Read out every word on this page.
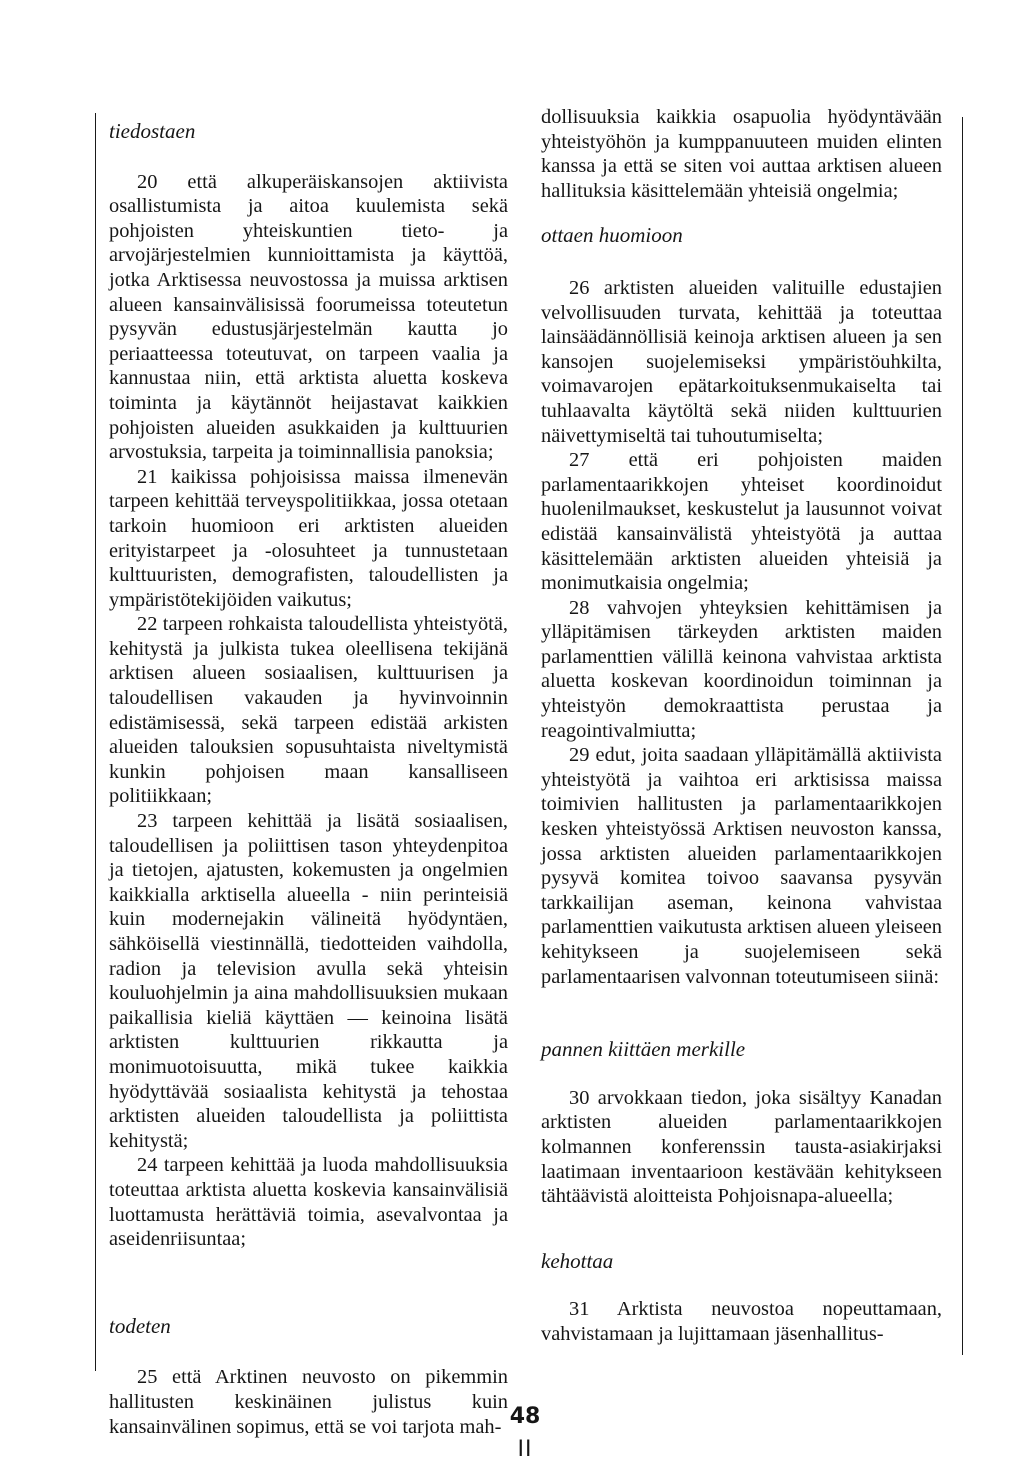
tiedostaen

20 että alkuperäiskansojen aktiivista osallistumista ja aitoa kuulemista sekä pohjoisten yhteiskuntien tieto- ja arvojärjestelmien kunnioittamista ja käyttöä, jotka Arktisessa neuvostossa ja muissa arktisen alueen kansainvälisissä foorumeissa toteutetun pysyvän edustusjärjestelmän kautta jo periaatteessa toteutuvat, on tarpeen vaalia ja kannustaa niin, että arktista aluetta koskeva toiminta ja käytännöt heijastavat kaikkien pohjoisten alueiden asukkaiden ja kulttuurien arvostuksia, tarpeita ja toiminnallisia panoksia;

21 kaikissa pohjoisissa maissa ilmenevän tarpeen kehittää terveyspolitiikkaa, jossa otetaan tarkoin huomioon eri arktisten alueiden erityistarpeet ja -olosuhteet ja tunnustetaan kulttuuristen, demografisten, taloudellisten ja ympäristötekijöiden vaikutus;

22 tarpeen rohkaista taloudellista yhteistyötä, kehitystä ja julkista tukea oleellisena tekijänä arktisen alueen sosiaalisen, kulttuurisen ja taloudellisen vakauden ja hyvinvoinnin edistämisessä, sekä tarpeen edistää arkisten alueiden talouksien sopusuhtaista niveltymistä kunkin pohjoisen maan kansalliseen politiikkaan;

23 tarpeen kehittää ja lisätä sosiaalisen, taloudellisen ja poliittisen tason yhteydenpitoa ja tietojen, ajatusten, kokemusten ja ongelmien kaikkialla arktisella alueella - niin perinteisiä kuin modernejakin välineitä hyödyntäen, sähköisellä viestinnällä, tiedotteiden vaihdolla, radion ja television avulla sekä yhteisin kouluohjelmin ja aina mahdollisuuksien mukaan paikallisia kieliä käyttäen — keinoina lisätä arktisten kulttuurien rikkautta ja monimuotoisuutta, mikä tukee kaikkia hyödyttävää sosiaalista kehitystä ja tehostaa arktisten alueiden taloudellista ja poliittista kehitystä;

24 tarpeen kehittää ja luoda mahdollisuuksia toteuttaa arktista aluetta koskevia kansainvälisiä luottamusta herättäviä toimia, asevalvontaa ja aseidenriisuntaa;

todeten

25 että Arktinen neuvosto on pikemmin hallitusten keskinäinen julistus kuin kansainvälinen sopimus, että se voi tarjota mah-

dollisuuksia kaikkia osapuolia hyödyntävään yhteistyöhön ja kumppanuuteen muiden elinten kanssa ja että se siten voi auttaa arktisen alueen hallituksia käsittelemään yhteisiä ongelmia;

ottaen huomioon

26 arktisten alueiden valituille edustajien velvollisuuden turvata, kehittää ja toteuttaa lainsäädännöllisiä keinoja arktisen alueen ja sen kansojen suojelemiseksi ympäristöuhkilta, voimavarojen epätarkoituksenmukaiselta tai tuhlaavalta käytöltä sekä niiden kulttuurien näivettymiseltä tai tuhoutumiselta;

27 että eri pohjoisten maiden parlamentaarikkojen yhteiset koordinoidut huolenilmaukset, keskustelut ja lausunnot voivat edistää kansainvälistä yhteistyötä ja auttaa käsittelemään arktisten alueiden yhteisiä ja monimutkaisia ongelmia;

28 vahvojen yhteyksien kehittämisen ja ylläpitämisen tärkeyden arktisten maiden parlamenttien välillä keinona vahvistaa arktista aluetta koskevan koordinoidun toiminnan ja yhteistyön demokraattista perustaa ja reagointivalmiutta;

29 edut, joita saadaan ylläpitämällä aktiivista yhteistyötä ja vaihtoa eri arktisissa maissa toimivien hallitusten ja parlamentaarikkojen kesken yhteistyössä Arktisen neuvoston kanssa, jossa arktisten alueiden parlamentaarikkojen pysyvä komitea toivoo saavansa pysyvän tarkkailijan aseman, keinona vahvistaa parlamenttien vaikutusta arktisen alueen yleiseen kehitykseen ja suojelemiseen sekä parlamentaarisen valvonnan toteutumiseen siinä:

pannen kiittäen merkille

30 arvokkaan tiedon, joka sisältyy Kanadan arktisten alueiden parlamentaarikkojen kolmannen konferenssin tausta-asiakirjaksi laatimaan inventaarioon kestävään kehitykseen tähtäävistä aloitteista Pohjoisnapa-alueella;

kehottaa

31 Arktista neuvostoa nopeuttamaan, vahvistamaan ja lujittamaan jäsenhallitus-

48

II
